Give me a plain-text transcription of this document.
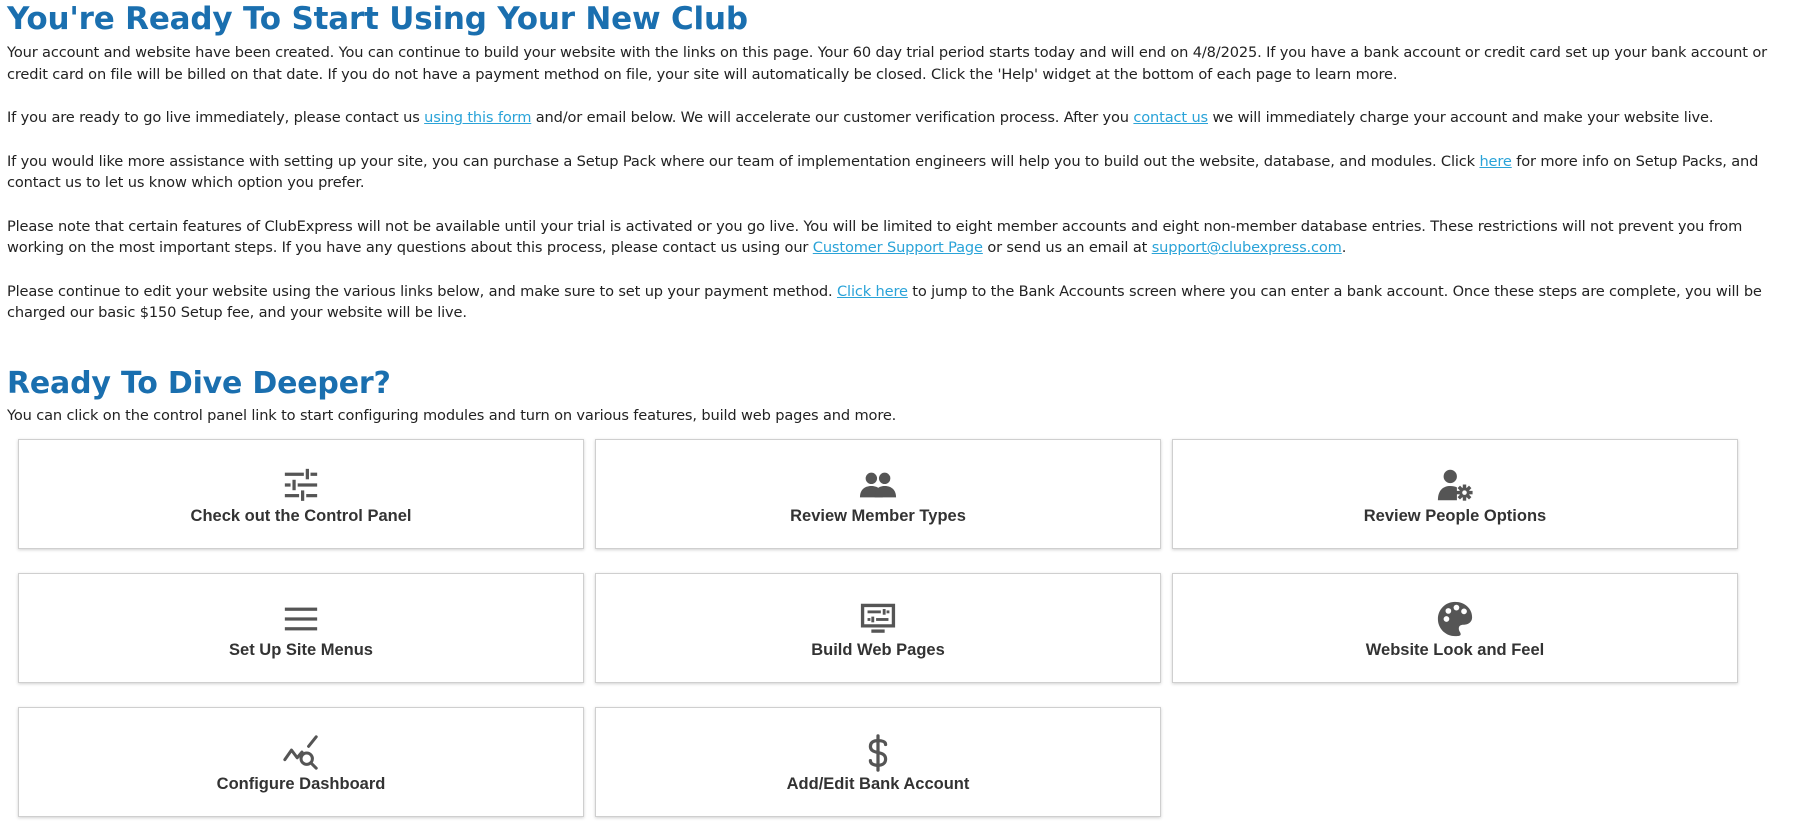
You're Ready To Start Using Your New Club

Your account and website have been created. You can continue to build your website with the links on this page. Your 60 day trial period starts today and will end on 4/8/2025. If you have a bank account or credit card set up your bank account or credit card on file will be billed on that date. If you do not have a payment method on file, your site will automatically be closed. Click the 'Help' widget at the bottom of each page to learn more.

If you are ready to go live immediately, please contact us using this form and/or email below. We will accelerate our customer verification process. After you contact us we will immediately charge your account and make your website live.

If you would like more assistance with setting up your site, you can purchase a Setup Pack where our team of implementation engineers will help you to build out the website, database, and modules. Click here for more info on Setup Packs, and contact us to let us know which option you prefer.

Please note that certain features of ClubExpress will not be available until your trial is activated or you go live. You will be limited to eight member accounts and eight non-member database entries. These restrictions will not prevent you from working on the most important steps. If you have any questions about this process, please contact us using our Customer Support Page or send us an email at support@clubexpress.com.

Please continue to edit your website using the various links below, and make sure to set up your payment method. Click here to jump to the Bank Accounts screen where you can enter a bank account. Once these steps are complete, you will be charged our basic $150 Setup fee, and your website will be live.

Ready To Dive Deeper?

You can click on the control panel link to start configuring modules and turn on various features, build web pages and more.

Check out the Control Panel	Review Member Types	Review People Options
Set Up Site Menus	Build Web Pages	Website Look and Feel
Configure Dashboard	Add/Edit Bank Account
